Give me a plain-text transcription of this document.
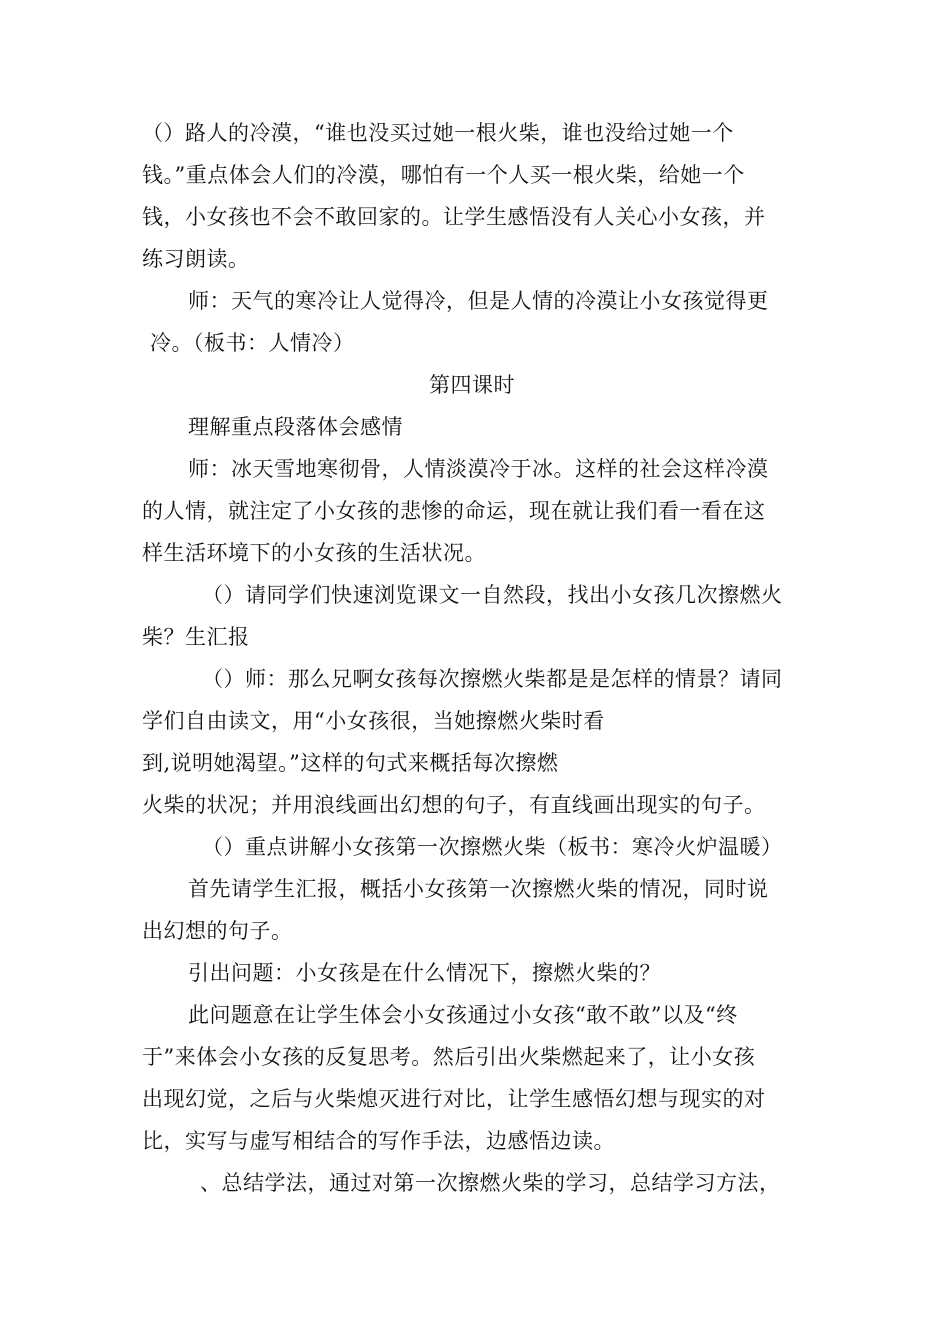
（）路人的冷漠，“谁也没买过她一根火柴，谁也没给过她一个
钱。”重点体会人们的冷漠，哪怕有一个人买一根火柴，给她一个
钱，小女孩也不会不敢回家的。让学生感悟没有人关心小女孩，并
练习朗读。
师：天气的寒冷让人觉得冷，但是人情的冷漠让小女孩觉得更
冷。（板书：人情冷）
第四课时
理解重点段落体会感情
师：冰天雪地寒彻骨，人情淡漠冷于冰。这样的社会这样冷漠
的人情，就注定了小女孩的悲惨的命运，现在就让我们看一看在这
样生活环境下的小女孩的生活状况。
（）请同学们快速浏览课文一自然段，找出小女孩几次擦燃火
柴？生汇报
（）师：那么兄啊女孩每次擦燃火柴都是是怎样的情景？请同
学们自由读文，用“小女孩很，当她擦燃火柴时看
到,说明她渴望。”这样的句式来概括每次擦燃
火柴的状况；并用浪线画出幻想的句子，有直线画出现实的句子。
（）重点讲解小女孩第一次擦燃火柴（板书：寒冷火炉温暖）
首先请学生汇报，概括小女孩第一次擦燃火柴的情况，同时说
出幻想的句子。
引出问题：小女孩是在什么情况下，擦燃火柴的？
此问题意在让学生体会小女孩通过小女孩“敢不敢”以及“终
于”来体会小女孩的反复思考。然后引出火柴燃起来了，让小女孩
出现幻觉，之后与火柴熄灭进行对比，让学生感悟幻想与现实的对
比，实写与虚写相结合的写作手法，边感悟边读。
、总结学法，通过对第一次擦燃火柴的学习，总结学习方法，
